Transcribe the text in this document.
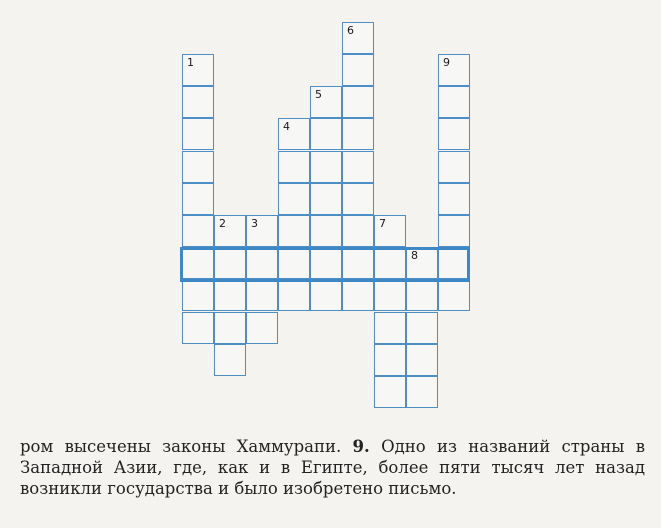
1
2 3
4
5
6
7
8
9

ром высечены законы Хаммурапи. 9. Одно из названий страны в Западной Азии, где, как и в Египте, более пяти тысяч лет назад возникли государства и было изобретено письмо.
